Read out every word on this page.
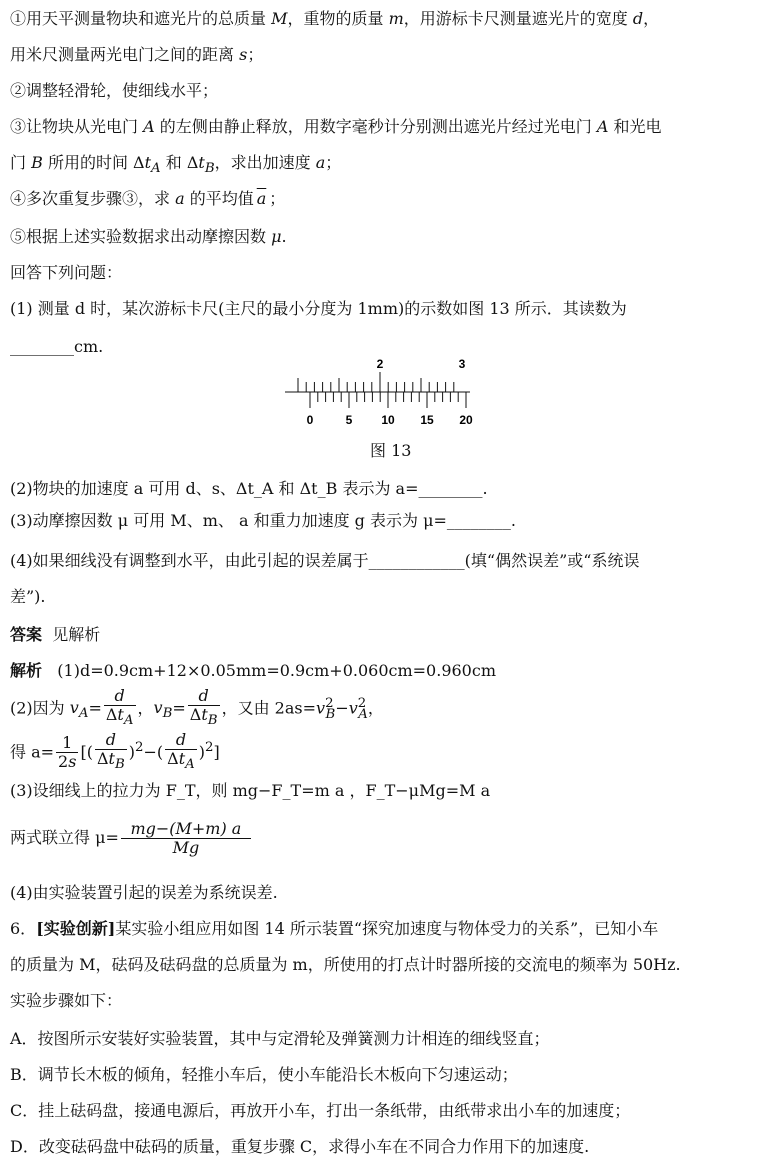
①用天平测量物块和遮光片的总质量 M，重物的质量 m，用游标卡尺测量遮光片的宽度 d，
用米尺测量两光电门之间的距离 s；
②调整轻滑轮，使细线水平；
③让物块从光电门 A 的左侧由静止释放，用数字毫秒计分别测出遮光片经过光电门 A 和光电
门 B 所用的时间 $\Delta t_A$ 和 $\Delta t_B$，求出加速度 a；
④多次重复步骤③，求 a 的平均值 $\overline{a}$ ；
⑤根据上述实验数据求出动摩擦因数 μ.
回答下列问题：
(1) 测量 d 时，某次游标卡尺(主尺的最小分度为 1mm)的示数如图 13 所示．其读数为
________cm.
2	3
0	5 10 15 20
图 13
(2)物块的加速度 a 可用 d、s、Δt_A 和 Δt_B 表示为 a=________.
(3)动摩擦因数 μ 可用 M、m、 a 和重力加速度 g 表示为 μ=________.
(4)如果细线没有调整到水平，由此引起的误差属于____________(填“偶然误差”或“系统误
差”).
答案 见解析
解析 (1)d=0.9cm+12×0.05mm=0.9cm+0.060cm=0.960cm
(2)因为 $v_A= \frac{d}{\Delta t_A}$ ，$v_B= \frac{d}{\Delta t_B}$ ，又由 $2as=v^2_B-v^2_A$，
得 $a= \frac{1}{2s}$ [( $\frac{d}{\Delta t_B} )^2-( \frac{d}{\Delta t_A} )^2$]
(3)设细线上的拉力为 F_T，则 mg−F_T=m a ，F_T−μMg=M a
两式联立得 $\mu= \frac{mg-(M+m) a}{Mg}$
(4)由实验装置引起的误差为系统误差.
6．[实验创新]某实验小组应用如图 14 所示装置“探究加速度与物体受力的关系”，已知小车
的质量为 M，砝码及砝码盘的总质量为 m，所使用的打点计时器所接的交流电的频率为 50Hz.
实验步骤如下：
A．按图所示安装好实验装置，其中与定滑轮及弹簧测力计相连的细线竖直；
B．调节长木板的倾角，轻推小车后，使小车能沿长木板向下匀速运动；
C．挂上砝码盘，接通电源后，再放开小车，打出一条纸带，由纸带求出小车的加速度；
D．改变砝码盘中砝码的质量，重复步骤 C，求得小车在不同合力作用下的加速度.
